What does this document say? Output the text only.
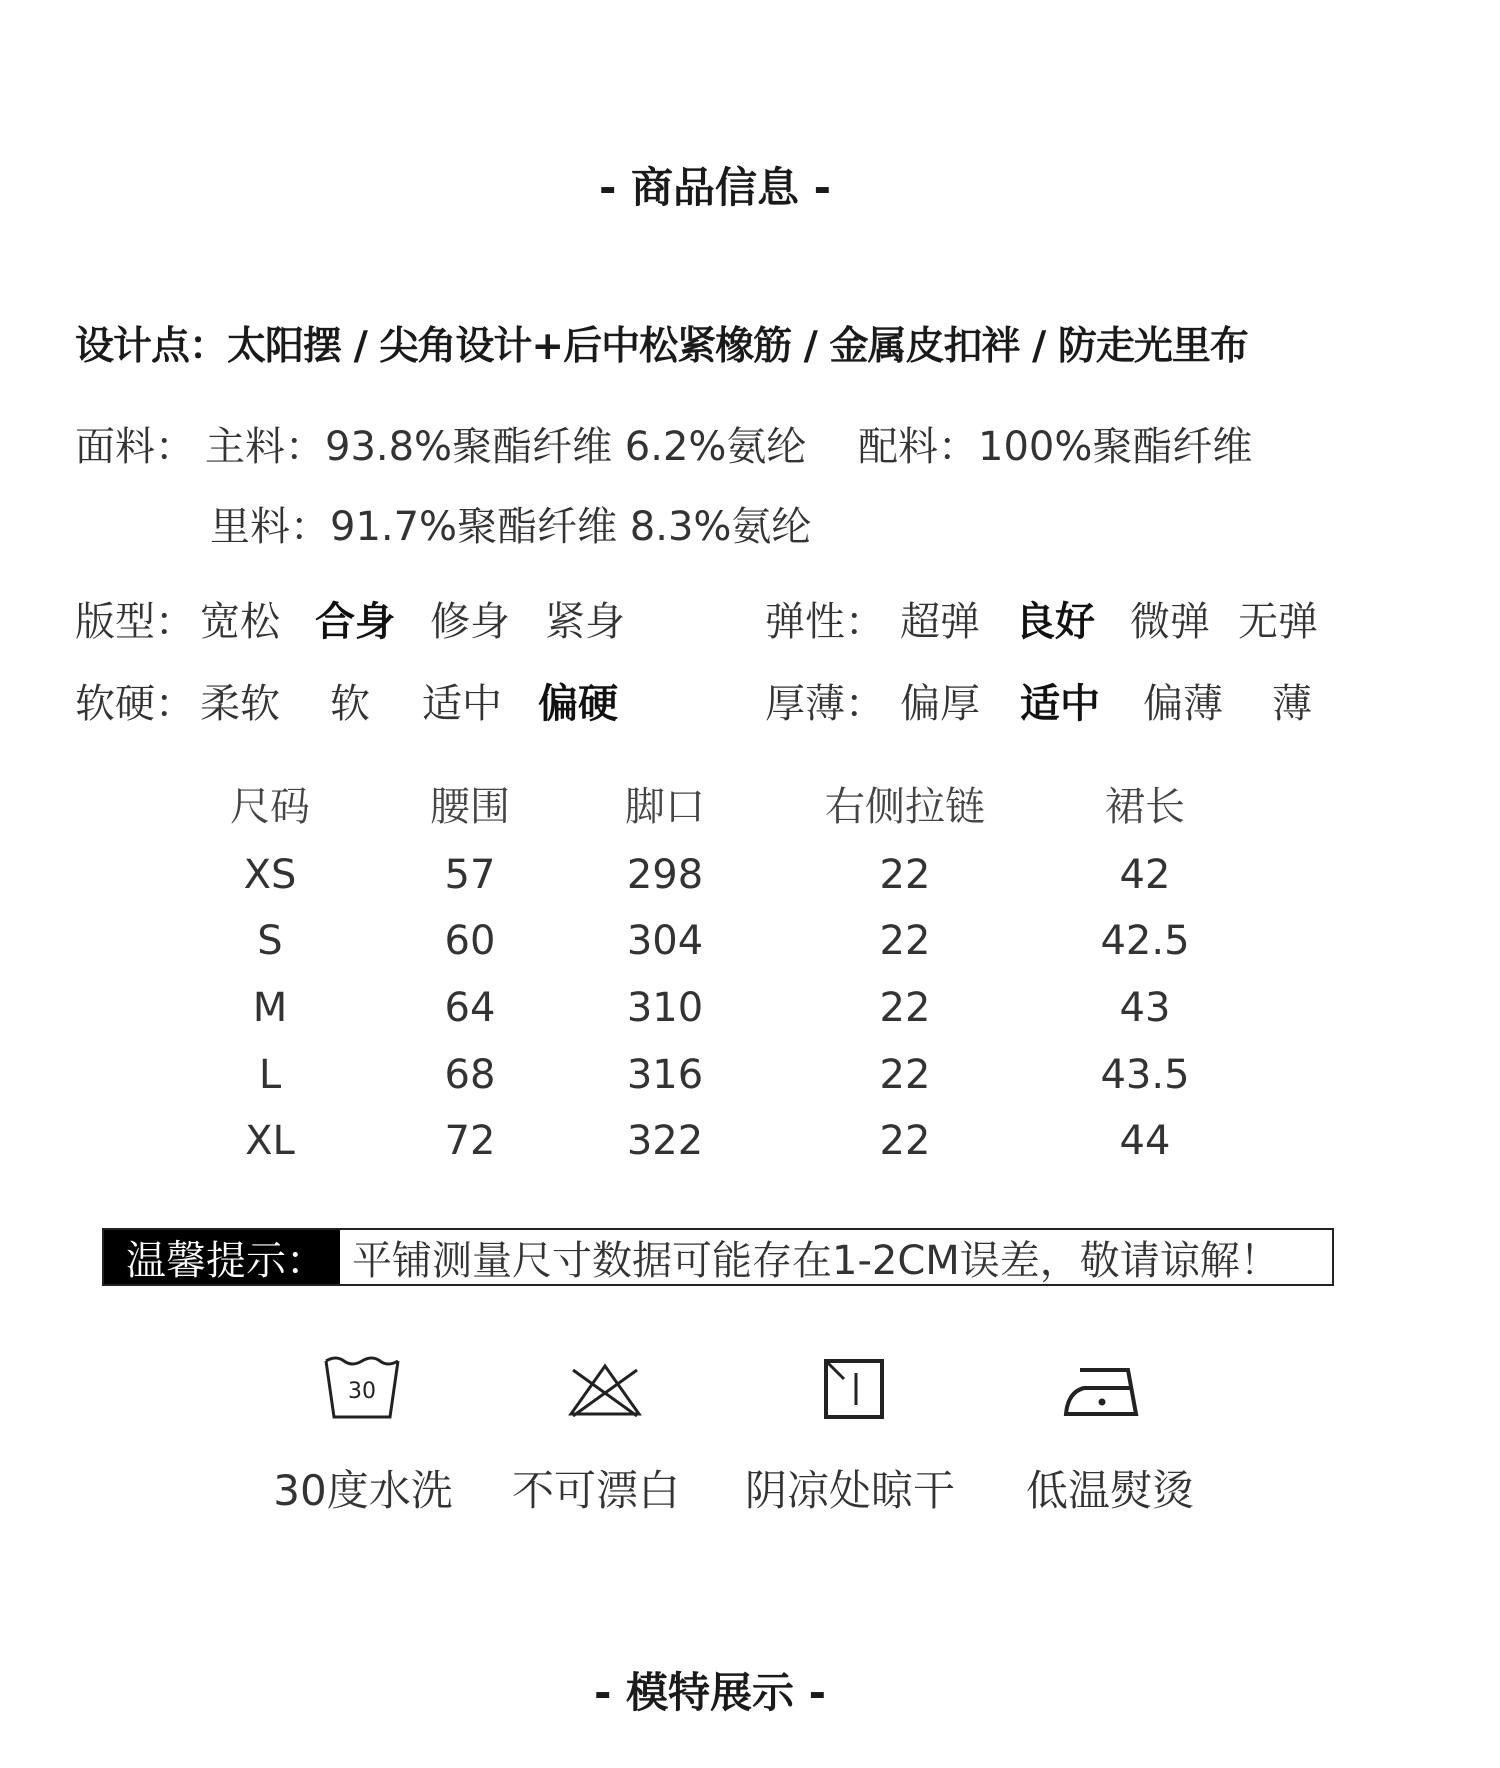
- 商品信息 -
设计点：太阳摆 / 尖角设计+后中松紧橡筋 / 金属皮扣袢 / 防走光里布
面料： 主料：93.8%聚酯纤维 6.2%氨纶 配料：100%聚酯纤维
里料：91.7%聚酯纤维 8.3%氨纶
版型： 宽松 合身 修身 紧身	弹性： 超弹 良好 微弹 无弹
软硬： 柔软 软 适中 偏硬	厚薄： 偏厚 适中 偏薄 薄
尺码	腰围	脚口	右侧拉链	裙长
XS	57	298	22	42
S	60	304	22	42.5
M	64	310	22	43
L	68	316	22	43.5
XL	72	322	22	44
温馨提示： 平铺测量尺寸数据可能存在1-2CM误差，敬请谅解！
30
30度水洗	不可漂白	阴凉处晾干	低温熨烫
- 模特展示 -
